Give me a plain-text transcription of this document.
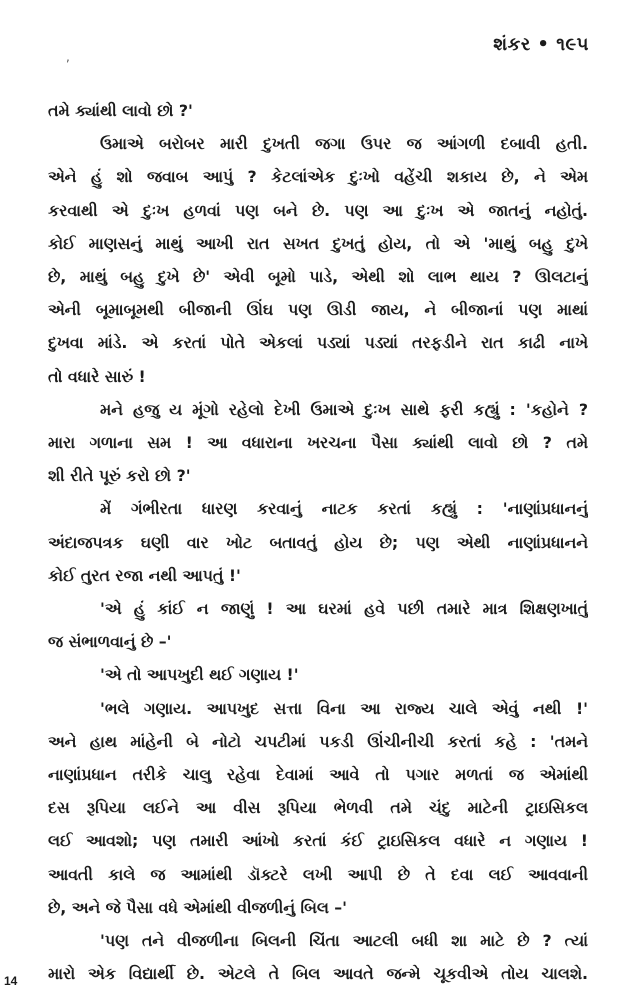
શંકર • ૧૯૫
,

તમે ક્યાંથી લાવો છો ?'
ઉમાએ બરોબર મારી દુખતી જગા ઉપર જ આંગળી દબાવી હતી.
એને હું શો જવાબ આપું ? કેટલાંએક દુઃખો વહેંચી શકાય છે, ને એમ
કરવાથી એ દુઃખ હળવાં પણ બને છે. પણ આ દુઃખ એ જાતનું નહોતું.
કોઈ માણસનું માથું આખી રાત સખત દુખતું હોય, તો એ 'માથું બહુ દુખે
છે, માથું બહુ દુખે છે' એવી બૂમો પાડે, એથી શો લાભ થાય ? ઊલટાનું
એની બૂમાબૂમથી બીજાની ઊંઘ પણ ઊડી જાય, ને બીજાનાં પણ માથાં
દુખવા માંડે. એ કરતાં પોતે એકલાં પડ્યાં પડ્યાં તરફડીને રાત કાઢી નાખે
તો વધારે સારું !
મને હજુ ય મૂંગો રહેલો દેખી ઉમાએ દુઃખ સાથે ફરી કહ્યું : 'કહોને ?
મારા ગળાના સમ ! આ વધારાના ખરચના પૈસા ક્યાંથી લાવો છો ? તમે
શી રીતે પૂરું કરો છો ?'
મેં ગંભીરતા ધારણ કરવાનું નાટક કરતાં કહ્યું : 'નાણાંપ્રધાનનું
અંદાજપત્રક ઘણી વાર ખોટ બતાવતું હોય છે; પણ એથી નાણાંપ્રધાનને
કોઈ તુરત રજા નથી આપતું !'
'એ હું કાંઈ ન જાણું ! આ ઘરમાં હવે પછી તમારે માત્ર શિક્ષણખાતું
જ સંભાળવાનું છે –'
'એ તો આપખુદી થઈ ગણાય !'
'ભલે ગણાય. આપખુદ સત્તા વિના આ રાજ્ય ચાલે એવું નથી !'
અને હાથ માંહેની બે નોટો ચપટીમાં પકડી ઊંચીનીચી કરતાં કહે : 'તમને
નાણાંપ્રધાન તરીકે ચાલુ રહેવા દેવામાં આવે તો પગાર મળતાં જ એમાંથી
દસ રૂપિયા લઈને આ વીસ રૂપિયા ભેળવી તમે ચંદુ માટેની ટ્રાઇસિકલ
લઈ આવશો; પણ તમારી આંખો કરતાં કંઈ ટ્રાઇસિકલ વધારે ન ગણાય !
આવતી કાલે જ આમાંથી ડૉક્ટરે લખી આપી છે તે દવા લઈ આવવાની
છે, અને જે પૈસા વધે એમાંથી વીજળીનું બિલ –'
'પણ તને વીજળીના બિલની ચિંતા આટલી બધી શા માટે છે ? ત્યાં
મારો એક વિદ્યાર્થી છે. એટલે તે બિલ આવતે જન્મે ચૂકવીએ તોય ચાલશે.

14
